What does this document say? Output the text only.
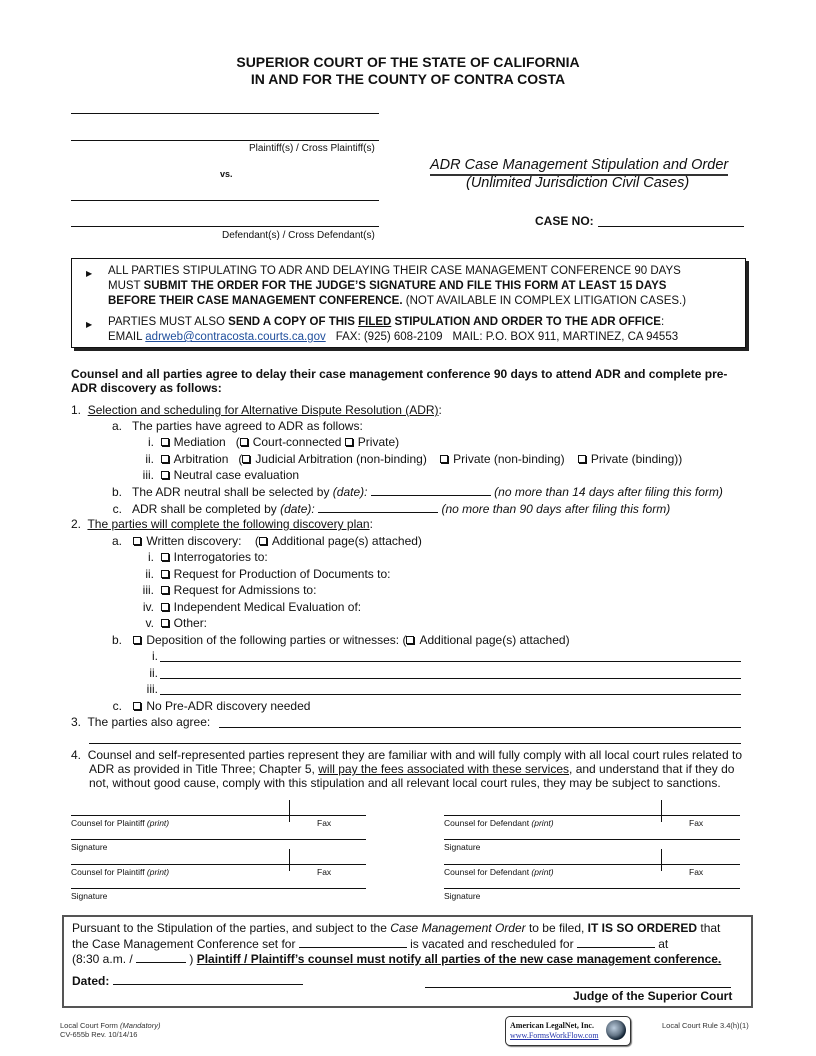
SUPERIOR COURT OF THE STATE OF CALIFORNIA
IN AND FOR THE COUNTY OF CONTRA COSTA
Plaintiff(s) / Cross Plaintiff(s)
vs.
Defendant(s) / Cross Defendant(s)
ADR Case Management Stipulation and Order
(Unlimited Jurisdiction Civil Cases)
CASE NO:
▶ ALL PARTIES STIPULATING TO ADR AND DELAYING THEIR CASE MANAGEMENT CONFERENCE 90 DAYS
MUST SUBMIT THE ORDER FOR THE JUDGE’S SIGNATURE AND FILE THIS FORM AT LEAST 15 DAYS
BEFORE THEIR CASE MANAGEMENT CONFERENCE. (NOT AVAILABLE IN COMPLEX LITIGATION CASES.)
▶ PARTIES MUST ALSO SEND A COPY OF THIS FILED STIPULATION AND ORDER TO THE ADR OFFICE:
EMAIL adrweb@contracosta.courts.ca.gov FAX: (925) 608-2109 MAIL: P.O. BOX 911, MARTINEZ, CA 94553
Counsel and all parties agree to delay their case management conference 90 days to attend ADR and complete pre-
ADR discovery as follows:
1. Selection and scheduling for Alternative Dispute Resolution (ADR):
a. The parties have agreed to ADR as follows:
i. Mediation ( Court-connected Private)
ii. Arbitration ( Judicial Arbitration (non-binding) Private (non-binding) Private (binding))
iii. Neutral case evaluation
b. The ADR neutral shall be selected by (date):	(no more than 14 days after filing this form)
c. ADR shall be completed by (date):	(no more than 90 days after filing this form)
2. The parties will complete the following discovery plan:
a. Written discovery: ( Additional page(s) attached)
i. Interrogatories to:
ii. Request for Production of Documents to:
iii. Request for Admissions to:
iv. Independent Medical Evaluation of:
v. Other:
b. Deposition of the following parties or witnesses: ( Additional page(s) attached)
i.
ii.
iii.
c. No Pre-ADR discovery needed
3. The parties also agree:
4. Counsel and self-represented parties represent they are familiar with and will fully comply with all local court rules related to
ADR as provided in Title Three; Chapter 5, will pay the fees associated with these services, and understand that if they do
not, without good cause, comply with this stipulation and all relevant local court rules, they may be subject to sanctions.
Counsel for Plaintiff (print)	Fax
Signature
Counsel for Plaintiff (print)	Fax
Signature
Counsel for Defendant (print)	Fax
Signature
Counsel for Defendant (print)	Fax
Signature
Pursuant to the Stipulation of the parties, and subject to the Case Management Order to be filed, IT IS SO ORDERED that
the Case Management Conference set for	is vacated and rescheduled for	at
(8:30 a.m. /	) Plaintiff / Plaintiff’s counsel must notify all parties of the new case management conference.
Dated:
Judge of the Superior Court
Local Court Form (Mandatory)
CV-655b Rev. 10/14/16
American LegalNet, Inc.
www.FormsWorkFlow.com
Local Court Rule 3.4(h)(1)
